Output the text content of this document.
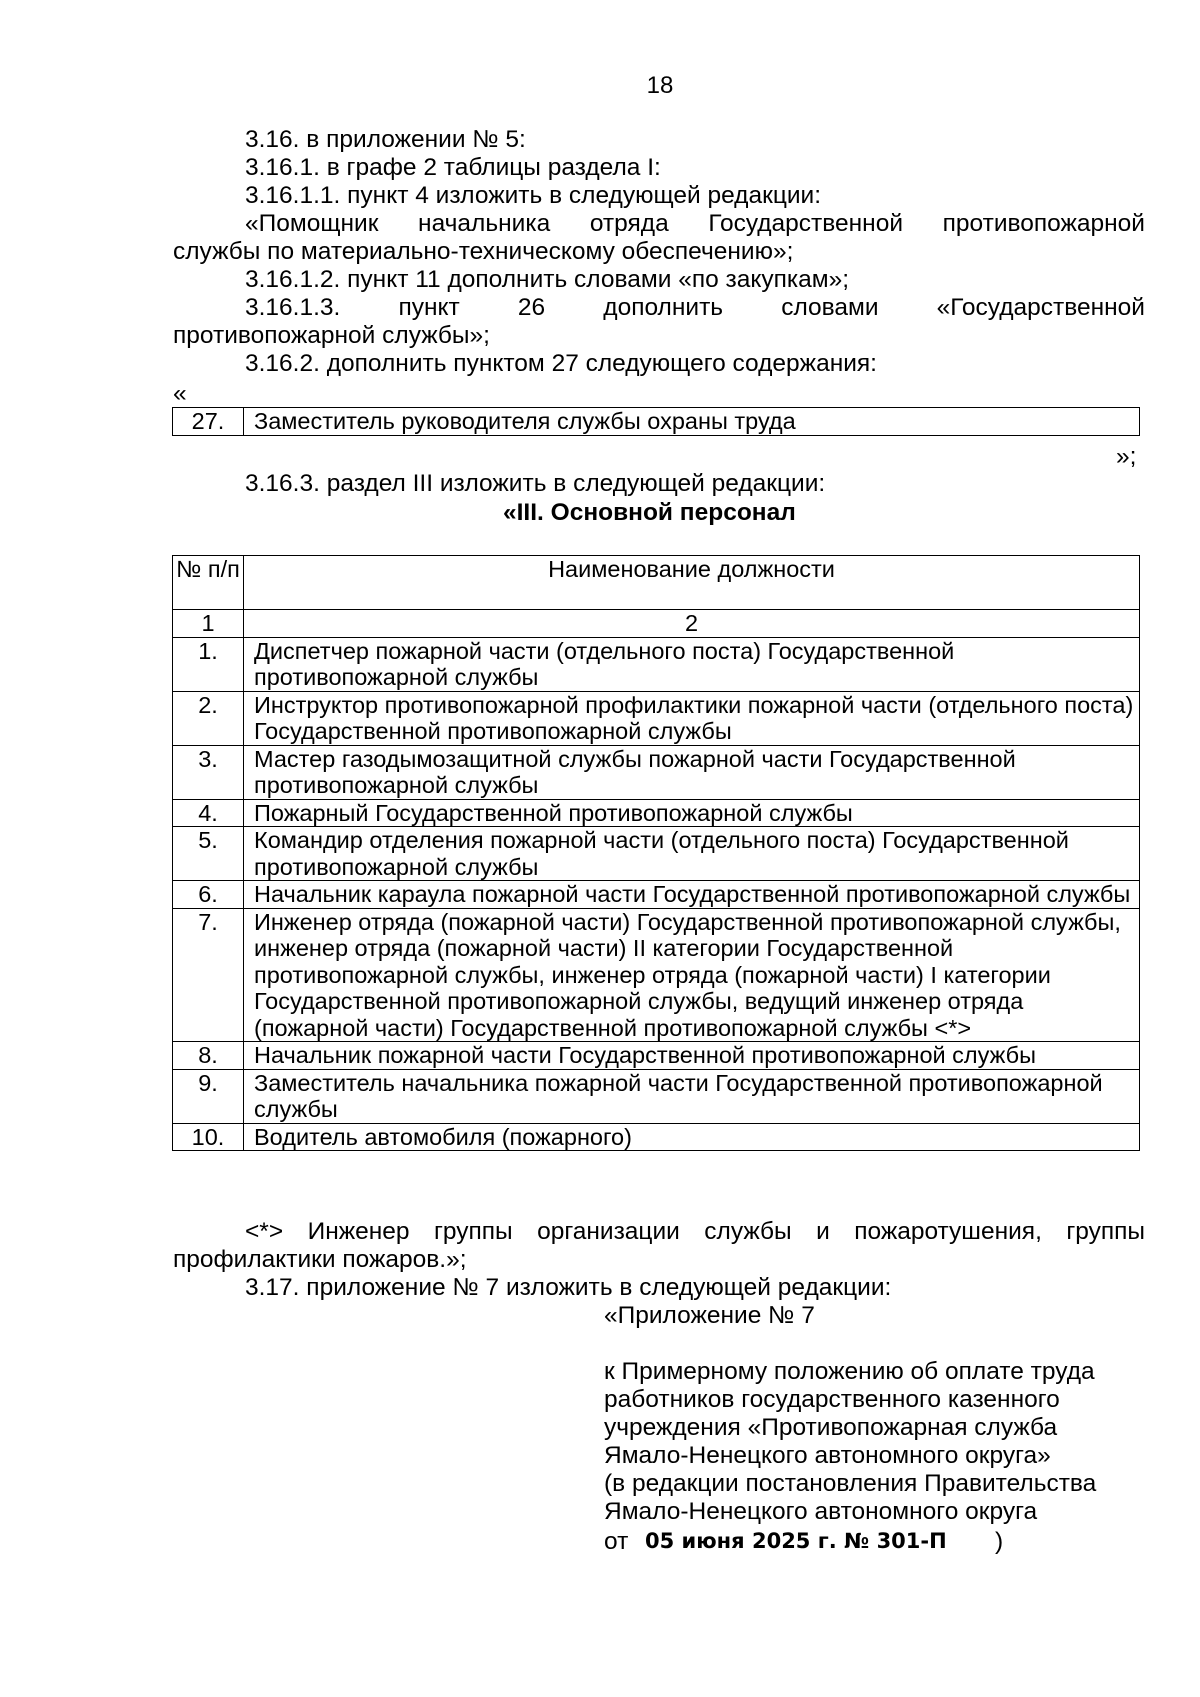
18
3.16. в приложении № 5:
3.16.1. в графе 2 таблицы раздела I:
3.16.1.1. пункт 4 изложить в следующей редакции:
«Помощник начальника отряда Государственной противопожарной
службы по материально-техническому обеспечению»;
3.16.1.2. пункт 11 дополнить словами «по закупкам»;
3.16.1.3. пункт 26 дополнить словами «Государственной
противопожарной службы»;
3.16.2. дополнить пунктом 27 следующего содержания:
«
27.	Заместитель руководителя службы охраны труда
»;
3.16.3. раздел III изложить в следующей редакции:
«III. Основной персонал
№ п/п	Наименование должности
1	2
1.	Диспетчер пожарной части (отдельного поста) Государственной противопожарной службы
2.	Инструктор противопожарной профилактики пожарной части (отдельного поста) Государственной противопожарной службы
3.	Мастер газодымозащитной службы пожарной части Государственной противопожарной службы
4.	Пожарный Государственной противопожарной службы
5.	Командир отделения пожарной части (отдельного поста) Государственной противопожарной службы
6.	Начальник караула пожарной части Государственной противопожарной службы
7.	Инженер отряда (пожарной части) Государственной противопожарной службы, инженер отряда (пожарной части) II категории Государственной противопожарной службы, инженер отряда (пожарной части) I категории Государственной противопожарной службы, ведущий инженер отряда (пожарной части) Государственной противопожарной службы <*>
8.	Начальник пожарной части Государственной противопожарной службы
9.	Заместитель начальника пожарной части Государственной противопожарной службы
10.	Водитель автомобиля (пожарного)
<*> Инженер группы организации службы и пожаротушения, группы
профилактики пожаров.»;
3.17. приложение № 7 изложить в следующей редакции:
«Приложение № 7
к Примерному положению об оплате труда
работников государственного казенного
учреждения «Противопожарная служба
Ямало-Ненецкого автономного округа»
(в редакции постановления Правительства
Ямало-Ненецкого автономного округа
от 05 июня 2025 г. № 301-П )
